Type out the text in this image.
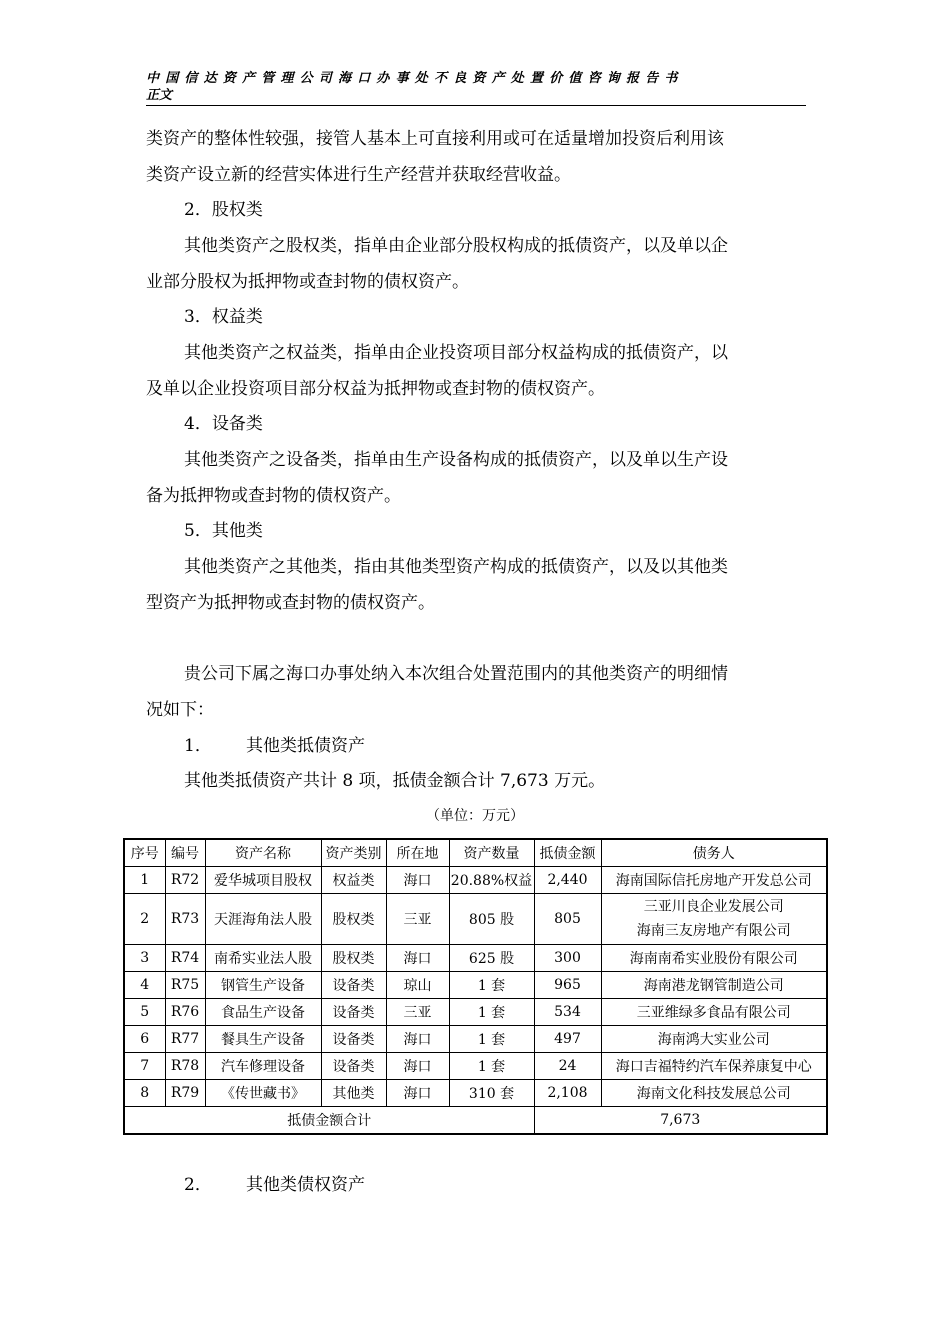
中国信达资产管理公司海口办事处不良资产处置价值咨询报告书
正文
类资产的整体性较强，接管人基本上可直接利用或可在适量增加投资后利用该
类资产设立新的经营实体进行生产经营并获取经营收益。
2．股权类
其他类资产之股权类，指单由企业部分股权构成的抵债资产，以及单以企
业部分股权为抵押物或查封物的债权资产。
3．权益类
其他类资产之权益类，指单由企业投资项目部分权益构成的抵债资产，以
及单以企业投资项目部分权益为抵押物或查封物的债权资产。
4．设备类
其他类资产之设备类，指单由生产设备构成的抵债资产，以及单以生产设
备为抵押物或查封物的债权资产。
5．其他类
其他类资产之其他类，指由其他类型资产构成的抵债资产，以及以其他类
型资产为抵押物或查封物的债权资产。
贵公司下属之海口办事处纳入本次组合处置范围内的其他类资产的明细情
况如下：
1． 其他类抵债资产
其他类抵债资产共计 8 项，抵债金额合计 7,673 万元。
2． 其他类债权资产
（单位：万元）
序号	编号	资产名称	资产类别	所在地	资产数量	抵债金额	债务人
1	R72	爱华城项目股权	权益类	海口	20.88%权益	2,440	海南国际信托房地产开发总公司
2	R73	天涯海角法人股	股权类	三亚	805 股	805	三亚川良企业发展公司
海南三友房地产有限公司

3	R74	南希实业法人股	股权类	海口	625 股	300	海南南希实业股份有限公司
4	R75	钢管生产设备	设备类	琼山	1 套	965	海南港龙钢管制造公司
5	R76	食品生产设备	设备类	三亚	1 套	534	三亚维绿多食品有限公司
6	R77	餐具生产设备	设备类	海口	1 套	497	海南鸿大实业公司
7	R78	汽车修理设备	设备类	海口	1 套	24	海口吉福特约汽车保养康复中心
8	R79	《传世藏书》	其他类	海口	310 套	2,108	海南文化科技发展总公司
抵债金额合计						7,673	
